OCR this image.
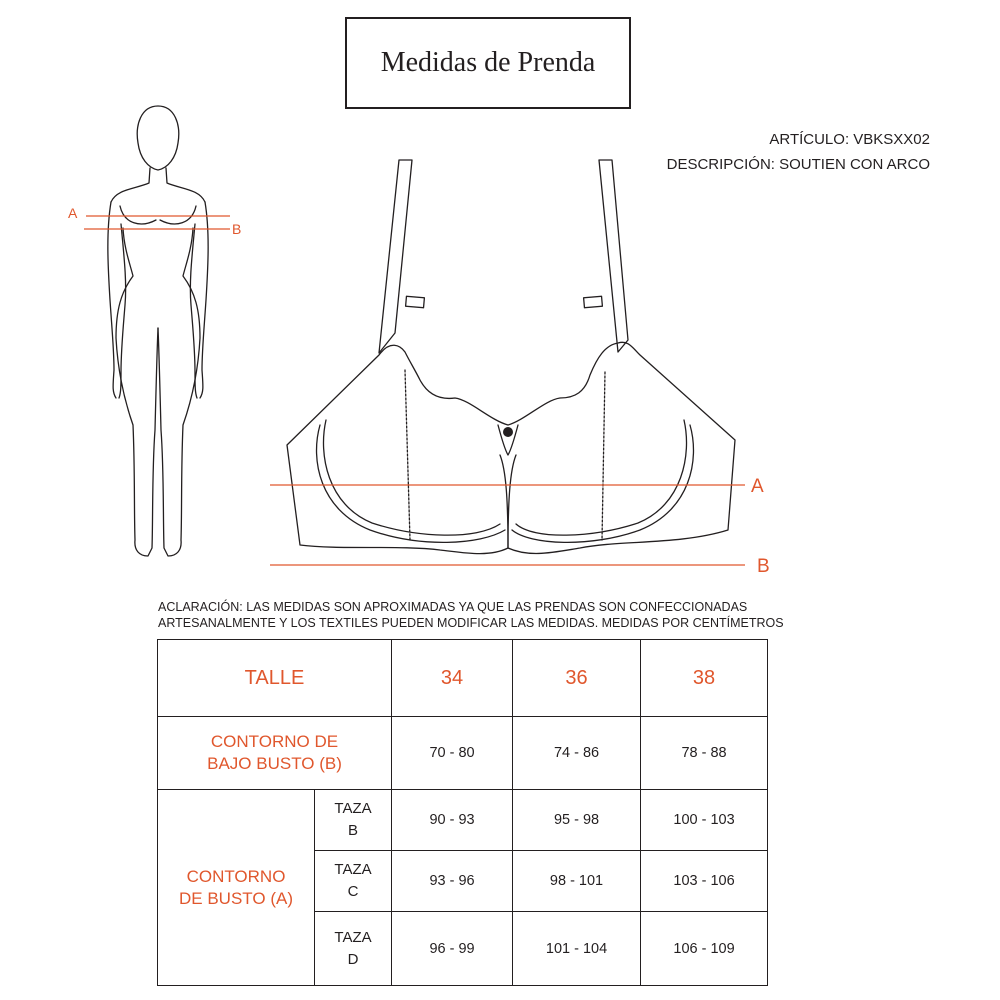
Medidas de Prenda
ARTÍCULO: VBKSXX02
DESCRIPCIÓN: SOUTIEN CON ARCO
A
B
A
B
ACLARACIÓN: LAS MEDIDAS SON APROXIMADAS YA QUE LAS PRENDAS SON CONFECCIONADAS
ARTESANALMENTE Y LOS TEXTILES PUEDEN MODIFICAR LAS MEDIDAS. MEDIDAS POR CENTÍMETROS
TALLE		34	36	38

CONTORNO DE
BAJO BUSTO (B)		70 - 80	74 - 86	78 - 88

CONTORNO
DE BUSTO (A)	TAZA
B	90 - 93	95 - 98	100 - 103

	TAZA
C	93 - 96	98 - 101	103 - 106

	TAZA
D	96 - 99	101 - 104	106 - 109
